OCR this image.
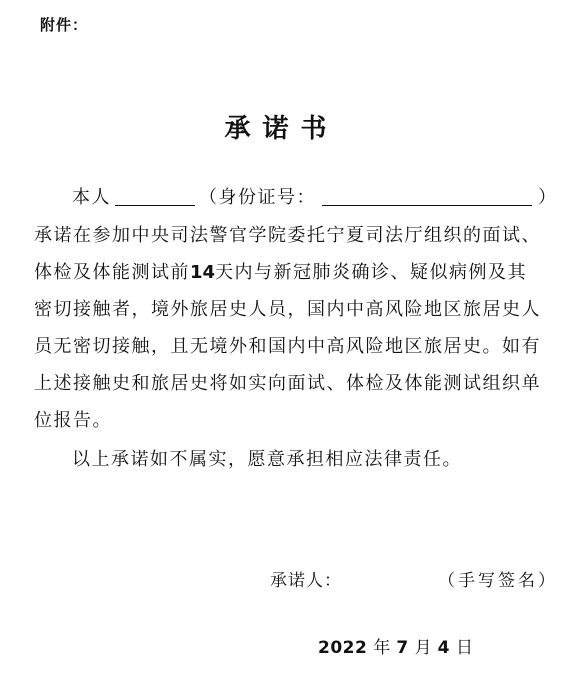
附件：
承诺书
本人	（身份证号：	）
承诺在参加中央司法警官学院委托宁夏司法厅组织的面试、
体检及体能测试前14天内与新冠肺炎确诊、疑似病例及其
密切接触者，境外旅居史人员，国内中高风险地区旅居史人
员无密切接触，且无境外和国内中高风险地区旅居史。如有
上述接触史和旅居史将如实向面试、体检及体能测试组织单
位报告。
以上承诺如不属实，愿意承担相应法律责任。
承诺人：	（手写签名）
2022 年 7 月 4 日
